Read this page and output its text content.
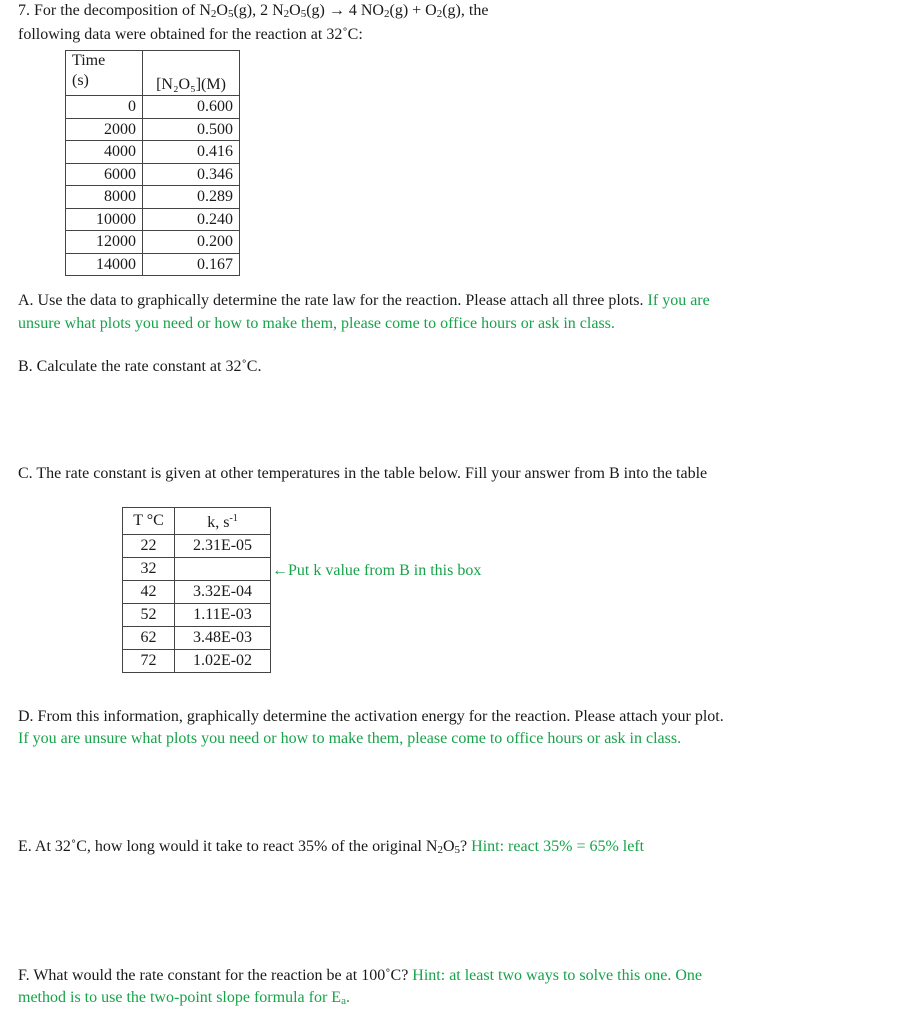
7. For the decomposition of N2O5(g), 2 N2O5(g) → 4 NO2(g) + O2(g), the
following data were obtained for the reaction at 32˚C:
Time
(s)	[N₂O₅](M)
0	0.600
2000	0.500
4000	0.416
6000	0.346
8000	0.289
10000	0.240
12000	0.200
14000	0.167
A. Use the data to graphically determine the rate law for the reaction. Please attach all three plots. If you are
unsure what plots you need or how to make them, please come to office hours or ask in class.
B. Calculate the rate constant at 32˚C.
C. The rate constant is given at other temperatures in the table below. Fill your answer from B into the table
T °C	k, $s^{-1}$
22	2.31E-05
32	
42	3.32E-04
52	1.11E-03
62	3.48E-03
72	1.02E-02
←Put k value from B in this box
D. From this information, graphically determine the activation energy for the reaction. Please attach your plot.
If you are unsure what plots you need or how to make them, please come to office hours or ask in class.
E. At 32˚C, how long would it take to react 35% of the original N2O5? Hint: react 35% = 65% left
F. What would the rate constant for the reaction be at 100˚C? Hint: at least two ways to solve this one. One
method is to use the two-point slope formula for Ea.
